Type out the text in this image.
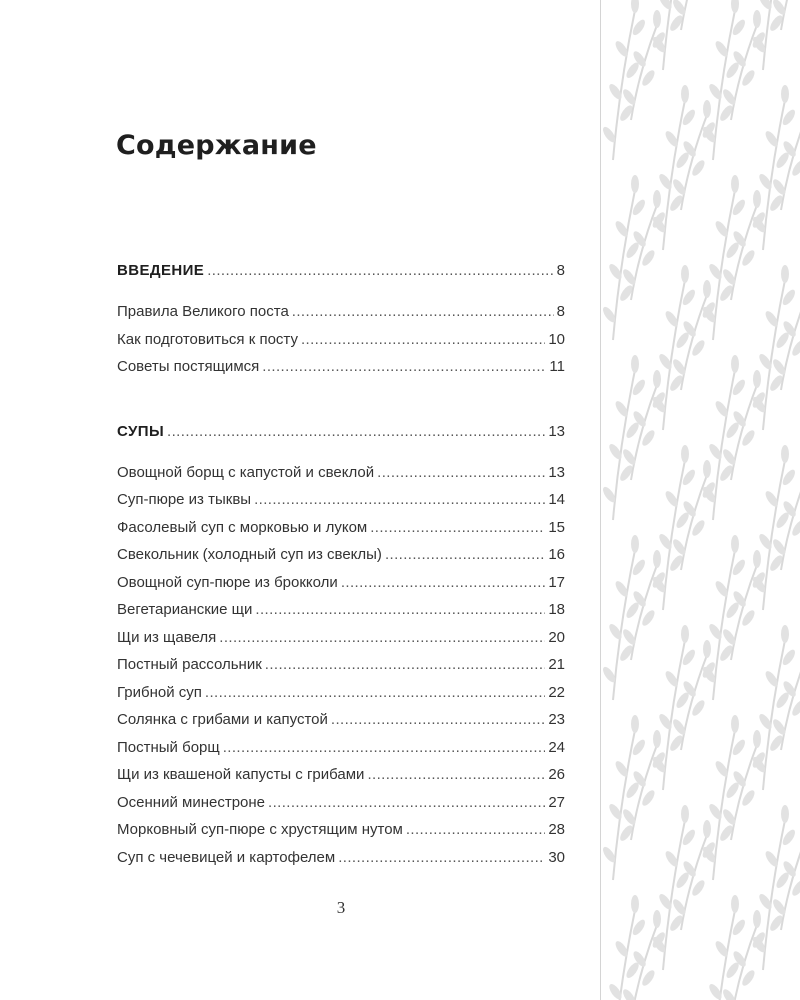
Содержание
ВВЕДЕНИЕ .....	8
Правила Великого поста .....	8
Как подготовиться к посту .....	10
Советы постящимся .....	11
СУПЫ .....	13
Овощной борщ с капустой и свеклой .....	13
Суп-пюре из тыквы .....	14
Фасолевый суп с морковью и луком .....	15
Свекольник (холодный суп из свеклы) .....	16
Овощной суп-пюре из брокколи .....	17
Вегетарианские щи .....	18
Щи из щавеля .....	20
Постный рассольник .....	21
Грибной суп .....	22
Солянка с грибами и капустой .....	23
Постный борщ .....	24
Щи из квашеной капусты с грибами .....	26
Осенний минестроне .....	27
Морковный суп-пюре с хрустящим нутом .....	28
Суп с чечевицей и картофелем .....	30
3
